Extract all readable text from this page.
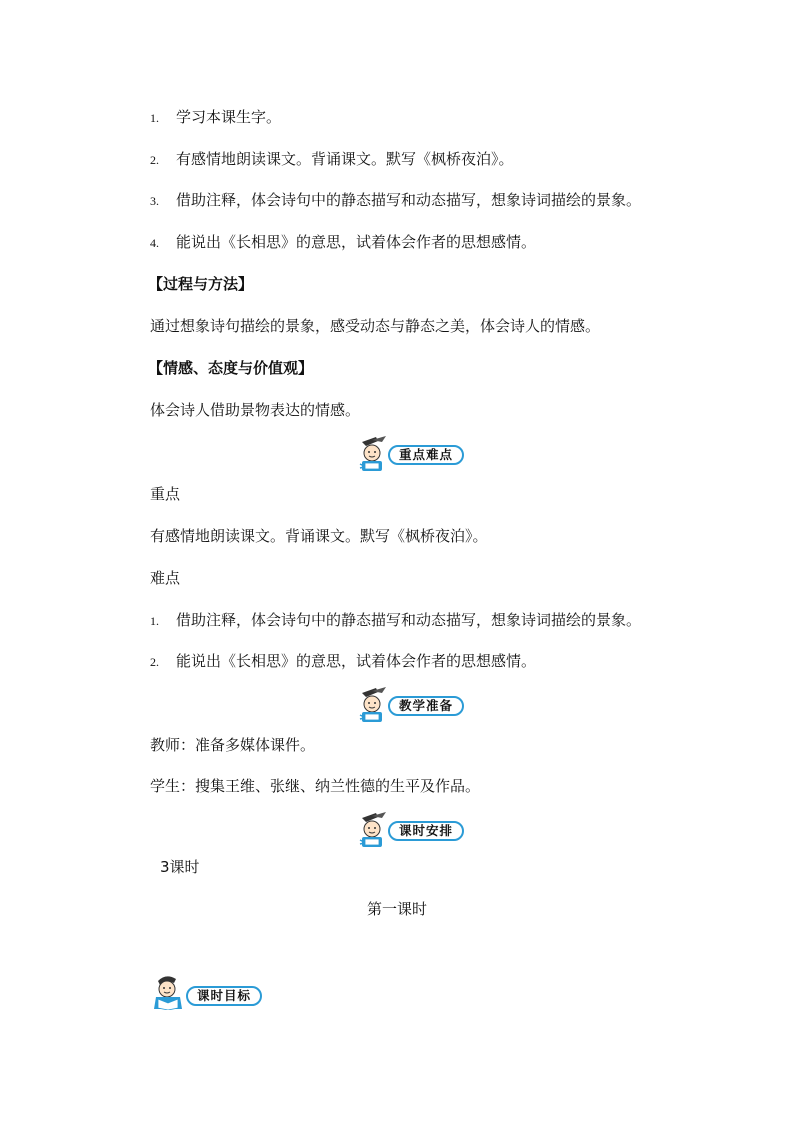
1. 学习本课生字。
2. 有感情地朗读课文。背诵课文。默写《枫桥夜泊》。
3. 借助注释，体会诗句中的静态描写和动态描写，想象诗词描绘的景象。
4. 能说出《长相思》的意思，试着体会作者的思想感情。
【过程与方法】
通过想象诗句描绘的景象，感受动态与静态之美，体会诗人的情感。
【情感、态度与价值观】
体会诗人借助景物表达的情感。
重点难点
重点
有感情地朗读课文。背诵课文。默写《枫桥夜泊》。
难点
1. 借助注释，体会诗句中的静态描写和动态描写，想象诗词描绘的景象。
2. 能说出《长相思》的意思，试着体会作者的思想感情。
教学准备
教师：准备多媒体课件。
学生：搜集王维、张继、纳兰性德的生平及作品。
课时安排
3课时
第一课时
课时目标
